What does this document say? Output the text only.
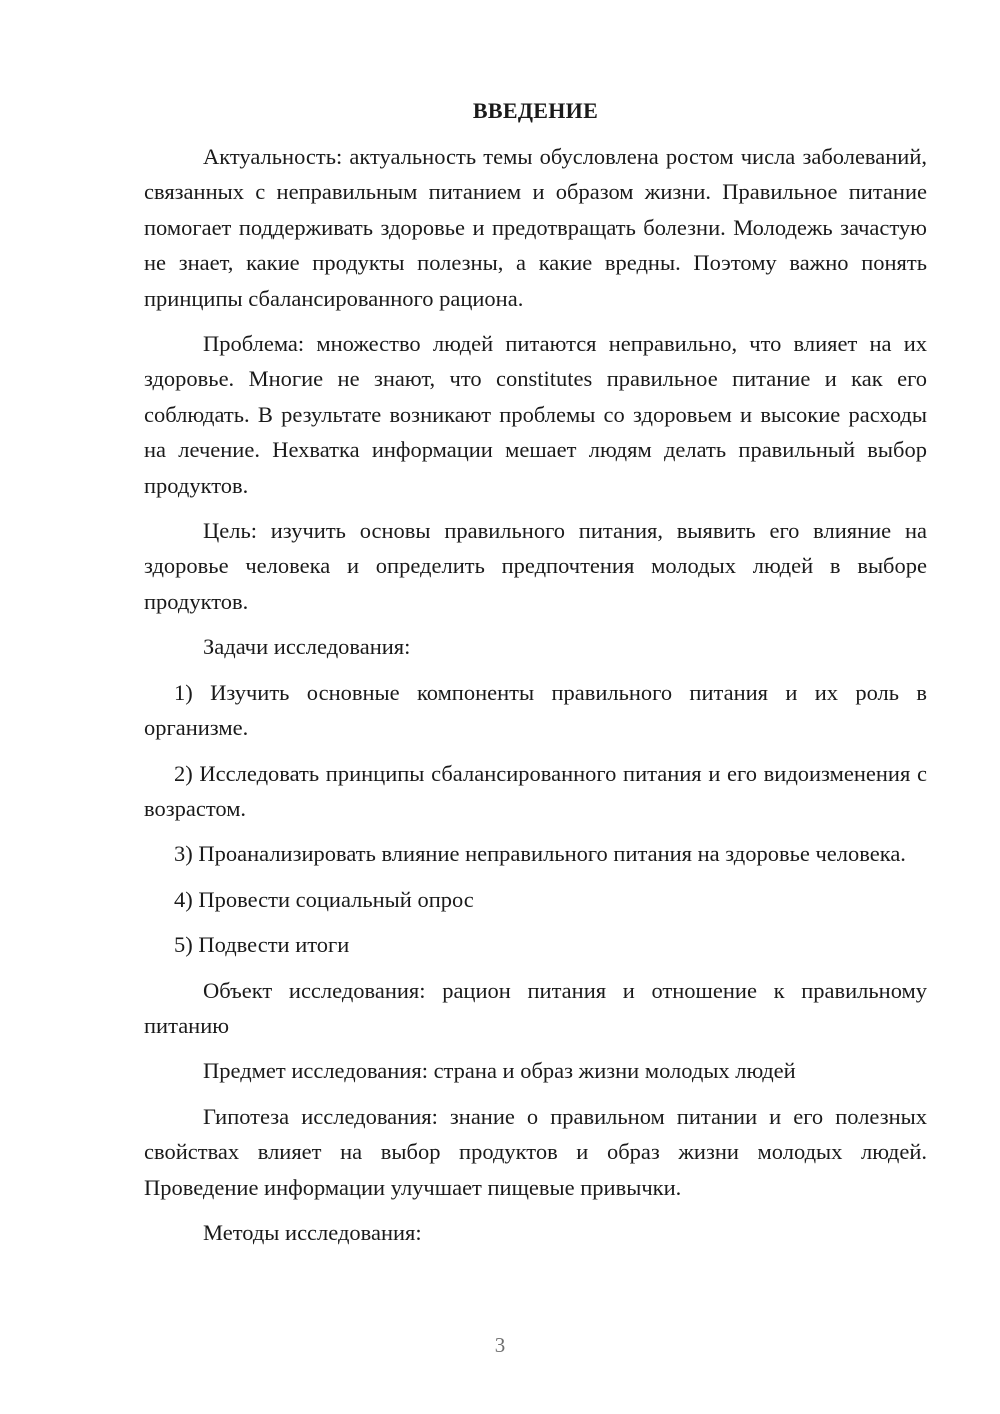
ВВЕДЕНИЕ

Актуальность: актуальность темы обусловлена ростом числа заболеваний, связанных с неправильным питанием и образом жизни. Правильное питание помогает поддерживать здоровье и предотвращать болезни. Молодежь зачастую не знает, какие продукты полезны, а какие вредны. Поэтому важно понять принципы сбалансированного рациона.

Проблема: множество людей питаются неправильно, что влияет на их здоровье. Многие не знают, что constitutes правильное питание и как его соблюдать. В результате возникают проблемы со здоровьем и высокие расходы на лечение. Нехватка информации мешает людям делать правильный выбор продуктов.

Цель: изучить основы правильного питания, выявить его влияние на здоровье человека и определить предпочтения молодых людей в выборе продуктов.

Задачи исследования:

1) Изучить основные компоненты правильного питания и их роль в организме.

2) Исследовать принципы сбалансированного питания и его видоизменения с возрастом.

3) Проанализировать влияние неправильного питания на здоровье человека.

4) Провести социальный опрос

5) Подвести итоги

Объект исследования: рацион питания и отношение к правильному питанию

Предмет исследования: страна и образ жизни молодых людей

Гипотеза исследования: знание о правильном питании и его полезных свойствах влияет на выбор продуктов и образ жизни молодых людей. Проведение информации улучшает пищевые привычки.

Методы исследования:

3
